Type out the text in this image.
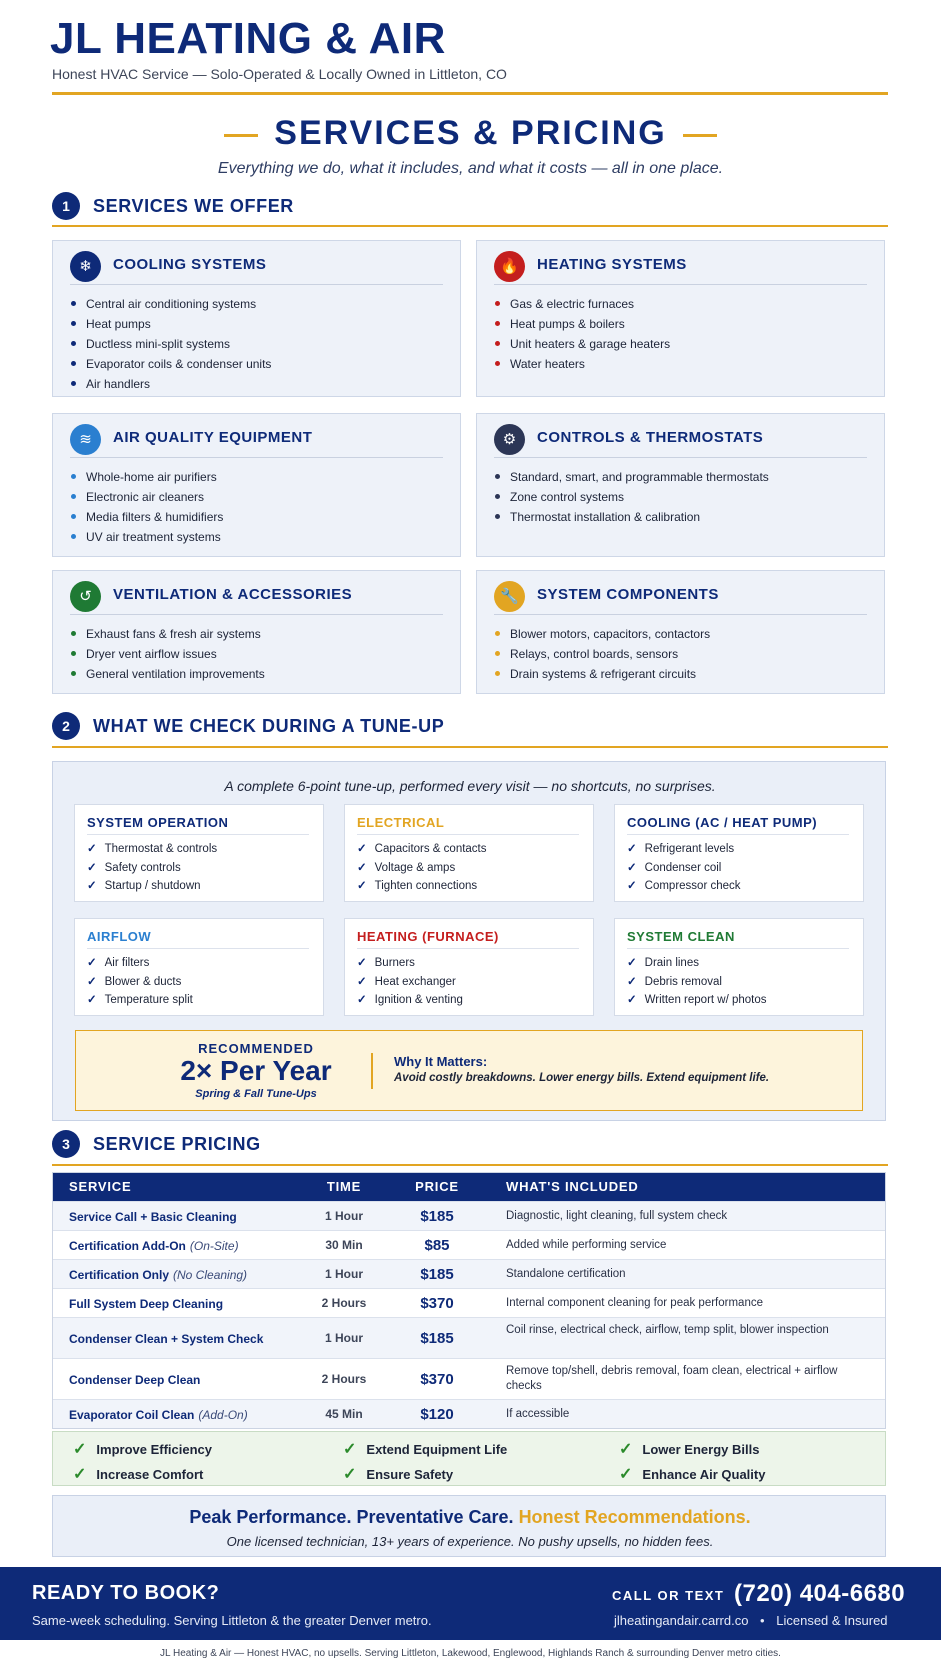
JL HEATING & AIR
Honest HVAC Service — Solo-Operated & Locally Owned in Littleton, CO
SERVICES & PRICING
Everything we do, what it includes, and what it costs — all in one place.
1	SERVICES WE OFFER
❄	COOLING SYSTEMS
Central air conditioning systems
Heat pumps
Ductless mini-split systems
Evaporator coils & condenser units
Air handlers
🔥	HEATING SYSTEMS
Gas & electric furnaces
Heat pumps & boilers
Unit heaters & garage heaters
Water heaters
≋	AIR QUALITY EQUIPMENT
Whole-home air purifiers
Electronic air cleaners
Media filters & humidifiers
UV air treatment systems
⚙	CONTROLS & THERMOSTATS
Standard, smart, and programmable thermostats
Zone control systems
Thermostat installation & calibration
↺	VENTILATION & ACCESSORIES
Exhaust fans & fresh air systems
Dryer vent airflow issues
General ventilation improvements
🔧	SYSTEM COMPONENTS
Blower motors, capacitors, contactors
Relays, control boards, sensors
Drain systems & refrigerant circuits
2	WHAT WE CHECK DURING A TUNE-UP
A complete 6-point tune-up, performed every visit — no shortcuts, no surprises.
SYSTEM OPERATION
✓ Thermostat & controls
✓ Safety controls
✓ Startup / shutdown
ELECTRICAL
✓ Capacitors & contacts
✓ Voltage & amps
✓ Tighten connections
COOLING (AC / HEAT PUMP)
✓ Refrigerant levels
✓ Condenser coil
✓ Compressor check
AIRFLOW
✓ Air filters
✓ Blower & ducts
✓ Temperature split
HEATING (FURNACE)
✓ Burners
✓ Heat exchanger
✓ Ignition & venting
SYSTEM CLEAN
✓ Drain lines
✓ Debris removal
✓ Written report w/ photos
RECOMMENDED
2× Per Year
Spring & Fall Tune-Ups
Why It Matters:
Avoid costly breakdowns. Lower energy bills. Extend equipment life.
3	SERVICE PRICING
SERVICE	TIME	PRICE	WHAT'S INCLUDED
Service Call + Basic Cleaning	1 Hour	$185	Diagnostic, light cleaning, full system check
Certification Add-On (On-Site)	30 Min	$85	Added while performing service
Certification Only (No Cleaning)	1 Hour	$185	Standalone certification
Full System Deep Cleaning	2 Hours	$370	Internal component cleaning for peak performance
Condenser Clean + System Check	1 Hour	$185	Coil rinse, electrical check, airflow, temp split, blower inspection
Condenser Deep Clean	2 Hours	$370	Remove top/shell, debris removal, foam clean, electrical + airflow checks
Evaporator Coil Clean (Add-On)	45 Min	$120	If accessible
✓ Improve Efficiency	✓ Extend Equipment Life	✓ Lower Energy Bills
✓ Increase Comfort	✓ Ensure Safety	✓ Enhance Air Quality
Peak Performance. Preventative Care. Honest Recommendations.
One licensed technician, 13+ years of experience. No pushy upsells, no hidden fees.
READY TO BOOK?
Same-week scheduling. Serving Littleton & the greater Denver metro.
CALL OR TEXT (720) 404-6680
jlheatingandair.carrd.co • Licensed & Insured
JL Heating & Air — Honest HVAC, no upsells. Serving Littleton, Lakewood, Englewood, Highlands Ranch & surrounding Denver metro cities.
